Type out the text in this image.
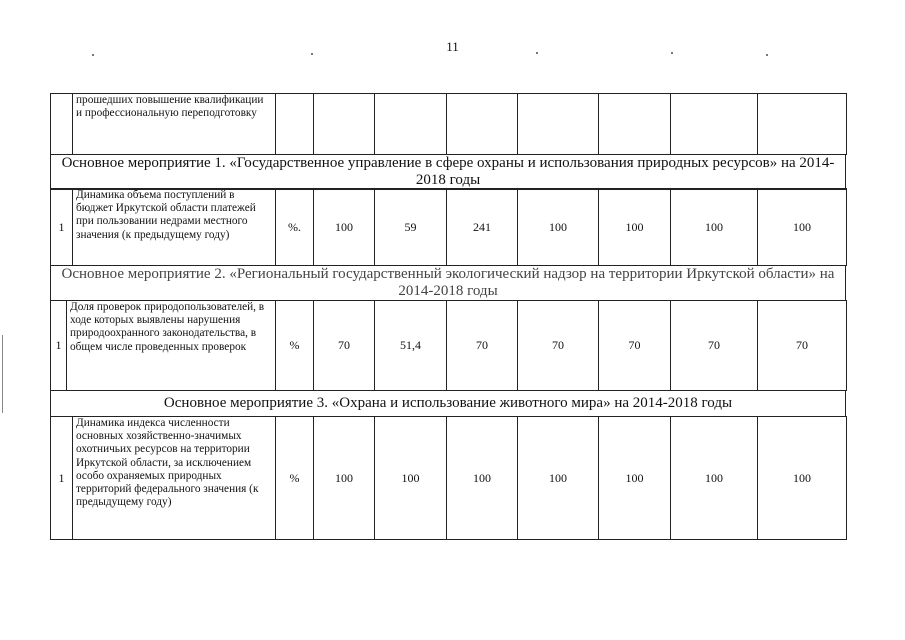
11
	прошедших повышение квалификации и профессиональную переподготовку								
Основное мероприятие 1. «Государственное управление в сфере охраны и использования природных ресурсов» на 2014-2018 годы
1	Динамика объема поступлений в бюджет Иркутской области платежей при пользовании недрами местного значения (к предыдущему году)	%.	100	59	241	100	100	100	100
Основное мероприятие 2. «Региональный государственный экологический надзор на территории Иркутской области» на 2014-2018 годы
1	Доля проверок природопользователей, в ходе которых выявлены нарушения природоохранного законодательства, в общем числе проведенных проверок	%	70	51,4	70	70	70	70	70
Основное мероприятие 3. «Охрана и использование животного мира» на 2014-2018 годы
1	Динамика индекса численности основных хозяйственно-значимых охотничьих ресурсов на территории Иркутской области, за исключением особо охраняемых природных территорий федерального значения (к предыдущему году)	%	100	100	100	100	100	100	100
